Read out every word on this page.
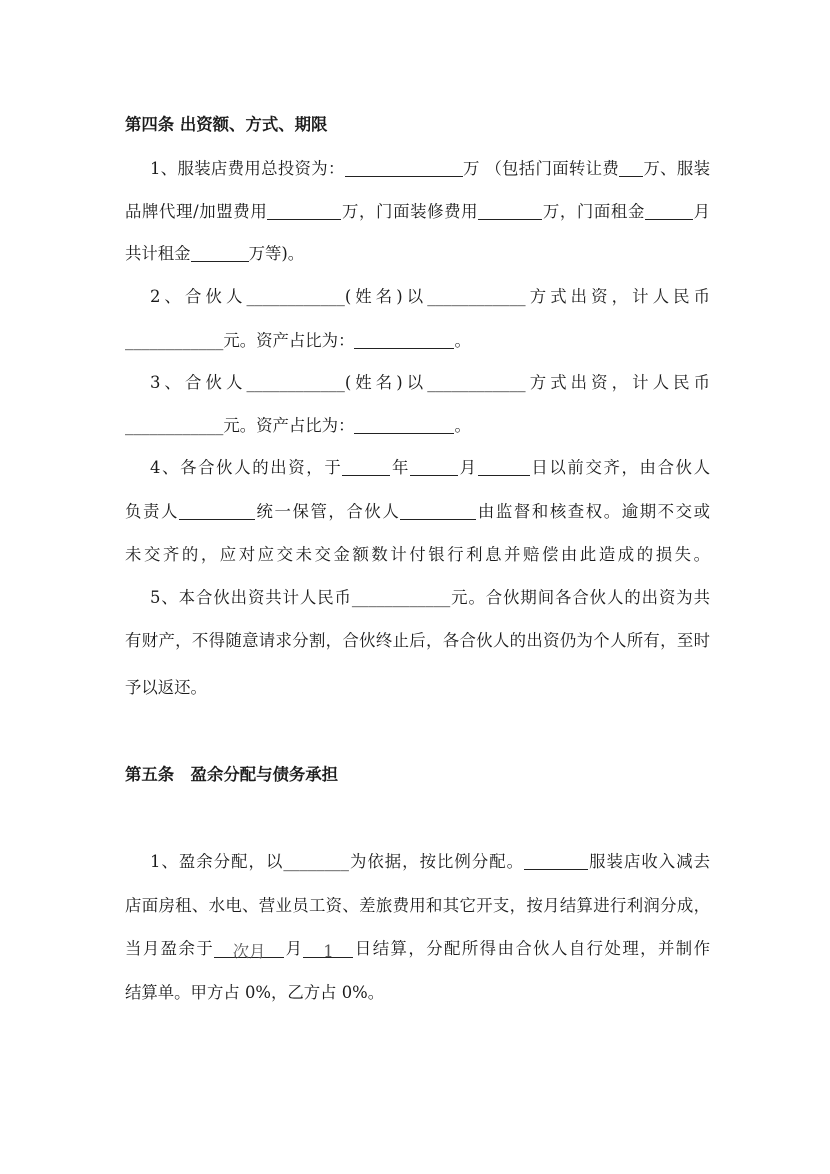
第四条 出资额、方式、期限
1、服装店费用总投资为：	万 （包括门面转让费 万、服装
品牌代理/加盟费用	万，门面装修费用	万，门面租金	月
共计租金	万等)。
2、合伙人____________(姓名)以____________方式出资，计人民币
____________元。资产占比为：	。
3、合伙人____________(姓名)以____________方式出资，计人民币
____________元。资产占比为：	。
4、各合伙人的出资，于	年	月	日以前交齐，由合伙人
负责人	统一保管，合伙人	由监督和核查权。逾期不交或
未交齐的，应对应交未交金额数计付银行利息并赔偿由此造成的损失。
5、本合伙出资共计人民币____________元。合伙期间各合伙人的出资为共
有财产，不得随意请求分割，合伙终止后，各合伙人的出资仍为个人所有，至时
予以返还。
第五条　盈余分配与债务承担
1、盈余分配，以________为依据，按比例分配。	服装店收入减去
店面房租、水电、营业员工资、差旅费用和其它开支，按月结算进行利润分成，
当月盈余于 次月 月 1 日结算，分配所得由合伙人自行处理，并制作
结算单。甲方占 0%，乙方占 0%。
